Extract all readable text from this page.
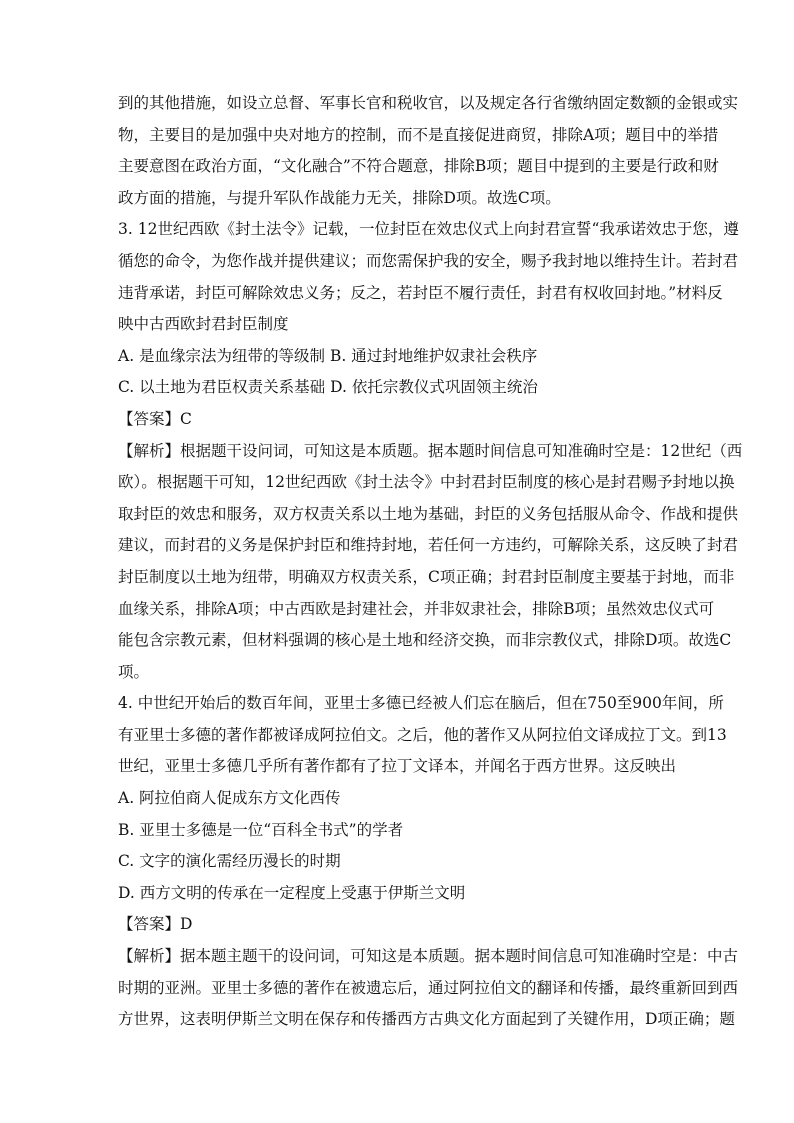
到的其他措施，如设立总督、军事长官和税收官，以及规定各行省缴纳固定数额的金银或实
物，主要目的是加强中央对地方的控制，而不是直接促进商贸，排除A项；题目中的举措
主要意图在政治方面，“文化融合”不符合题意，排除B项；题目中提到的主要是行政和财
政方面的措施，与提升军队作战能力无关，排除D项。故选C项。
3. 12世纪西欧《封土法令》记载，一位封臣在效忠仪式上向封君宣誓“我承诺效忠于您，遵
循您的命令，为您作战并提供建议；而您需保护我的安全，赐予我封地以维持生计。若封君
违背承诺，封臣可解除效忠义务；反之，若封臣不履行责任，封君有权收回封地。”材料反
映中古西欧封君封臣制度
A. 是血缘宗法为纽带的等级制 B. 通过封地维护奴隶社会秩序
C. 以土地为君臣权责关系基础 D. 依托宗教仪式巩固领主统治
【答案】C
【解析】根据题干设问词，可知这是本质题。据本题时间信息可知准确时空是：12世纪（西
欧）。根据题干可知，12世纪西欧《封土法令》中封君封臣制度的核心是封君赐予封地以换
取封臣的效忠和服务，双方权责关系以土地为基础，封臣的义务包括服从命令、作战和提供
建议，而封君的义务是保护封臣和维持封地，若任何一方违约，可解除关系，这反映了封君
封臣制度以土地为纽带，明确双方权责关系，C项正确；封君封臣制度主要基于封地，而非
血缘关系，排除A项；中古西欧是封建社会，并非奴隶社会，排除B项；虽然效忠仪式可
能包含宗教元素，但材料强调的核心是土地和经济交换，而非宗教仪式，排除D项。故选C
项。
4. 中世纪开始后的数百年间，亚里士多德已经被人们忘在脑后，但在750至900年间，所
有亚里士多德的著作都被译成阿拉伯文。之后，他的著作又从阿拉伯文译成拉丁文。到13
世纪，亚里士多德几乎所有著作都有了拉丁文译本，并闻名于西方世界。这反映出
A. 阿拉伯商人促成东方文化西传
B. 亚里士多德是一位“百科全书式”的学者
C. 文字的演化需经历漫长的时期
D. 西方文明的传承在一定程度上受惠于伊斯兰文明
【答案】D
【解析】据本题主题干的设问词，可知这是本质题。据本题时间信息可知准确时空是：中古
时期的亚洲。亚里士多德的著作在被遗忘后，通过阿拉伯文的翻译和传播，最终重新回到西
方世界，这表明伊斯兰文明在保存和传播西方古典文化方面起到了关键作用，D项正确；题
